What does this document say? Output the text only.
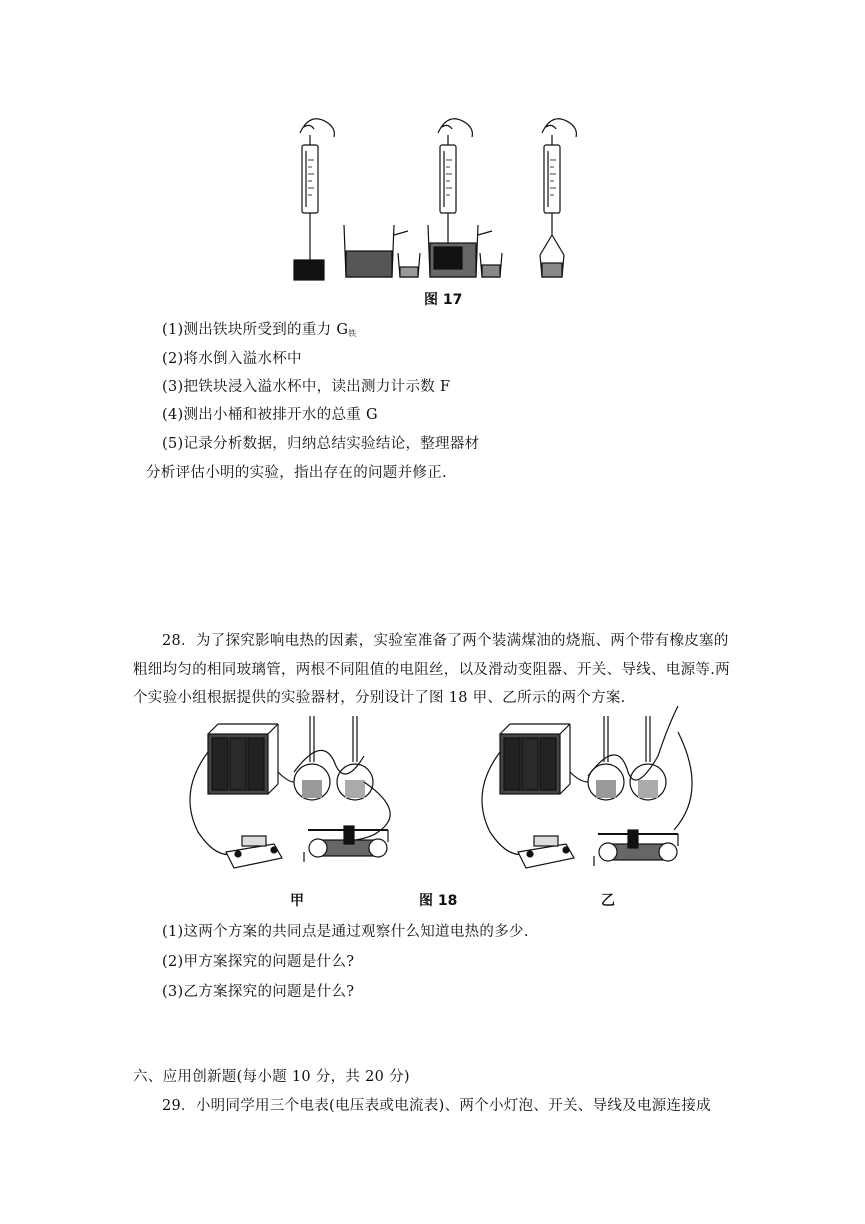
图 17
(1)测出铁块所受到的重力 $G_铁$
(2)将水倒入溢水杯中
(3)把铁块浸入溢水杯中，读出测力计示数 F
(4)测出小桶和被排开水的总重 G
(5)记录分析数据，归纳总结实验结论，整理器材
分析评估小明的实验，指出存在的问题并修正.
28．为了探究影响电热的因素，实验室准备了两个装满煤油的烧瓶、两个带有橡皮塞的
粗细均匀的相同玻璃管，两根不同阻值的电阻丝，以及滑动变阻器、开关、导线、电源等.两
个实验小组根据提供的实验器材，分别设计了图 18 甲、乙所示的两个方案.
甲	图 18	乙
(1)这两个方案的共同点是通过观察什么知道电热的多少.
(2)甲方案探究的问题是什么?
(3)乙方案探究的问题是什么?
六、应用创新题(每小题 10 分，共 20 分)
29．小明同学用三个电表(电压表或电流表)、两个小灯泡、开关、导线及电源连接成
